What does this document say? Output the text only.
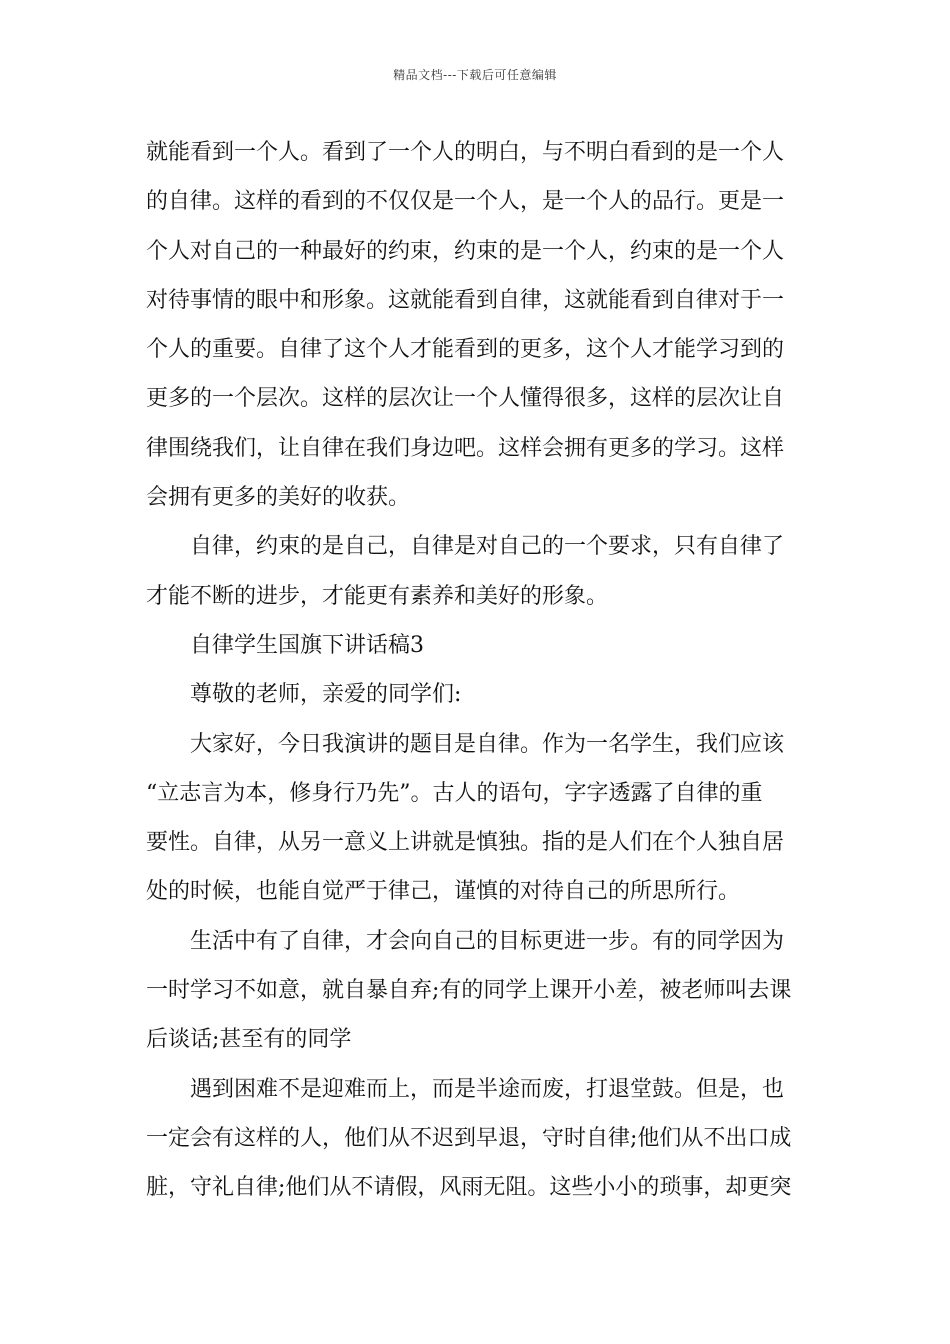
精品文档---下载后可任意编辑
就能看到一个人。看到了一个人的明白，与不明白看到的是一个人
的自律。这样的看到的不仅仅是一个人，是一个人的品行。更是一
个人对自己的一种最好的约束，约束的是一个人，约束的是一个人
对待事情的眼中和形象。这就能看到自律，这就能看到自律对于一
个人的重要。自律了这个人才能看到的更多，这个人才能学习到的
更多的一个层次。这样的层次让一个人懂得很多，这样的层次让自
律围绕我们，让自律在我们身边吧。这样会拥有更多的学习。这样
会拥有更多的美好的收获。
自律，约束的是自己，自律是对自己的一个要求，只有自律了
才能不断的进步，才能更有素养和美好的形象。
自律学生国旗下讲话稿3
尊敬的老师，亲爱的同学们:
大家好，今日我演讲的题目是自律。作为一名学生，我们应该
“立志言为本，修身行乃先”。古人的语句，字字透露了自律的重
要性。自律，从另一意义上讲就是慎独。指的是人们在个人独自居
处的时候，也能自觉严于律己，谨慎的对待自己的所思所行。
生活中有了自律，才会向自己的目标更进一步。有的同学因为
一时学习不如意，就自暴自弃;有的同学上课开小差，被老师叫去课
后谈话;甚至有的同学
遇到困难不是迎难而上，而是半途而废，打退堂鼓。但是，也
一定会有这样的人，他们从不迟到早退，守时自律;他们从不出口成
脏，守礼自律;他们从不请假，风雨无阻。这些小小的琐事，却更突
